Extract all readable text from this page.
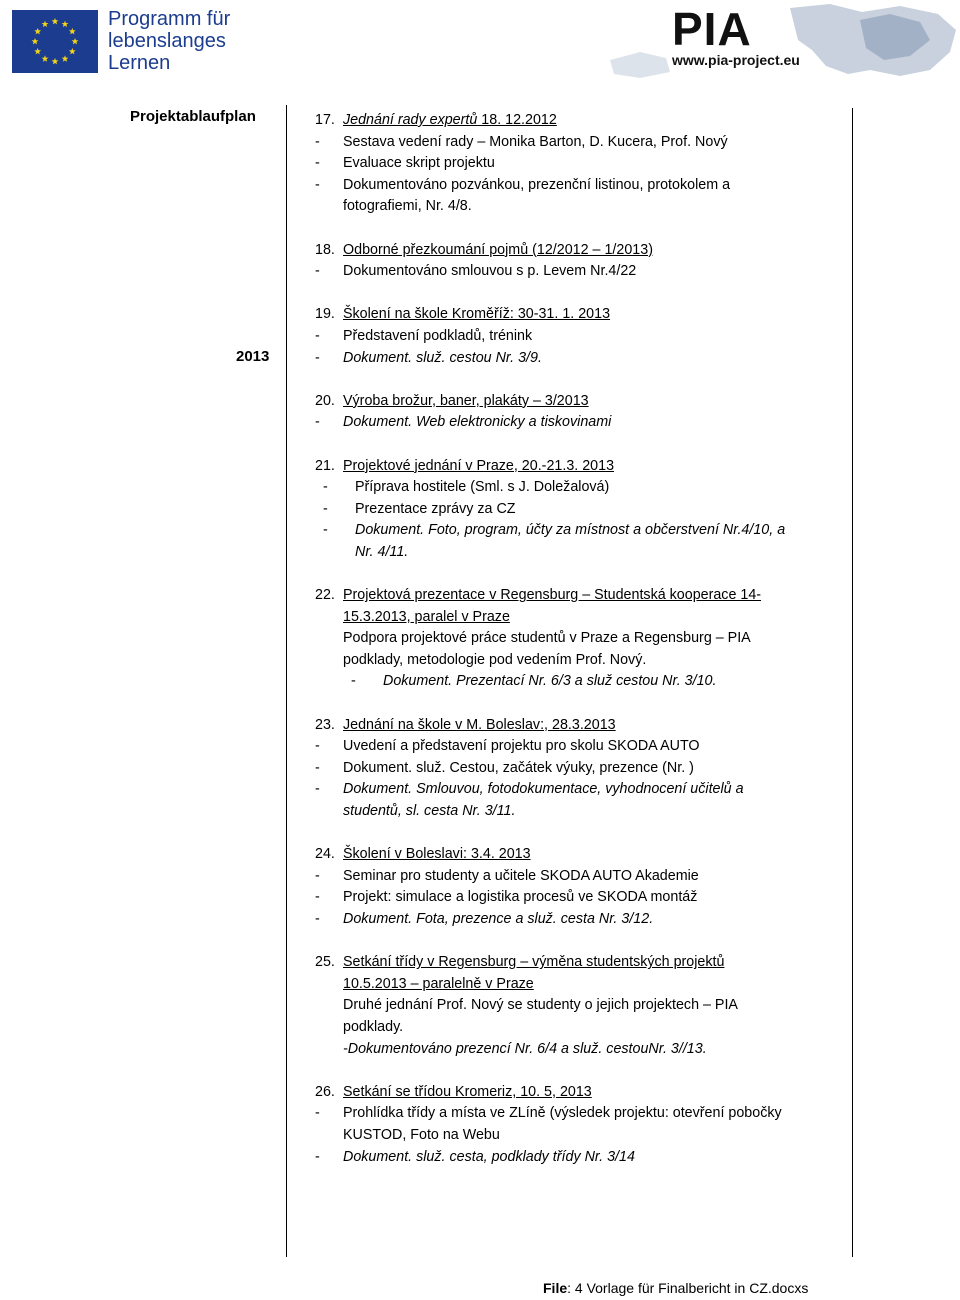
Programm für
lebenslanges
Lernen
PIA
www.pia-project.eu
Projektablaufplan
2013
17. Jednání rady expertů 18. 12.2012
- Sestava vedení rady – Monika Barton, D. Kucera, Prof. Nový
- Evaluace skript projektu
- Dokumentováno pozvánkou, prezenční listinou, protokolem a
fotografiemi, Nr. 4/8.
18. Odborné přezkoumání pojmů (12/2012 – 1/2013)
- Dokumentováno smlouvou s p. Levem Nr.4/22
19. Školení na škole Kroměříž: 30-31. 1. 2013
- Představení podkladů, trénink
- Dokument. služ. cestou Nr. 3/9.
20. Výroba brožur, baner, plakáty – 3/2013
- Dokument. Web elektronicky a tiskovinami
21. Projektové jednání v Praze, 20.-21.3. 2013
- Příprava hostitele (Sml. s J. Doležalová)
- Prezentace zprávy za CZ
- Dokument. Foto, program, účty za místnost a občerstvení Nr.4/10, a
Nr. 4/11.
22. Projektová prezentace v Regensburg – Studentská kooperace 14-
15.3.2013, paralel v Praze
Podpora projektové práce studentů v Praze a Regensburg – PIA
podklady, metodologie pod vedením Prof. Nový.
- Dokument. Prezentací Nr. 6/3 a služ cestou Nr. 3/10.
23. Jednání na škole v M. Boleslav:, 28.3.2013
- Uvedení a představení projektu pro skolu SKODA AUTO
- Dokument. služ. Cestou, začátek výuky, prezence (Nr. )
- Dokument. Smlouvou, fotodokumentace, vyhodnocení učitelů a
studentů, sl. cesta Nr. 3/11.
24. Školení v Boleslavi: 3.4. 2013
- Seminar pro studenty a učitele SKODA AUTO Akademie
- Projekt: simulace a logistika procesů ve SKODA montáž
- Dokument. Fota, prezence a služ. cesta Nr. 3/12.
25. Setkání třídy v Regensburg – výměna studentských projektů
10.5.2013 – paralelně v Praze
Druhé jednání Prof. Nový se studenty o jejich projektech – PIA
podklady.
-Dokumentováno prezencí Nr. 6/4 a služ. cestouNr. 3//13.
26. Setkání se třídou Kromeriz, 10. 5, 2013
- Prohlídka třídy a místa ve ZLíně (výsledek projektu: otevření pobočky
KUSTOD, Foto na Webu
- Dokument. služ. cesta, podklady třídy Nr. 3/14
File: 4 Vorlage für Finalbericht in CZ.docxs
